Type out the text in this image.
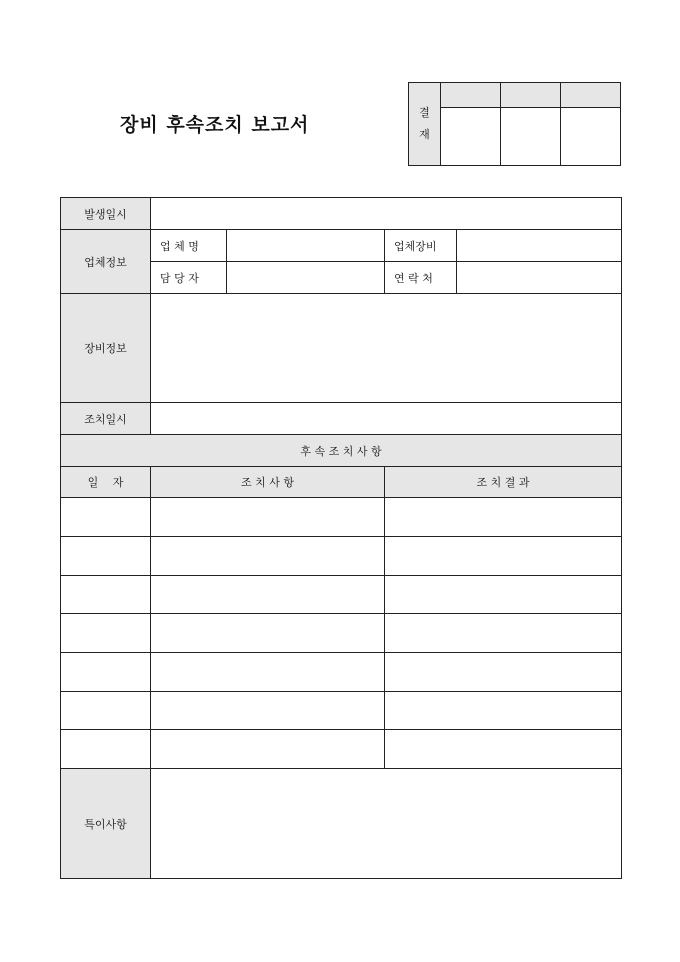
장비 후속조치 보고서
결
재			

발생일시				
업체정보	업 체 명		업체장비	
	담 당 자		연 락 처	
장비정보				
조치일시				
후 속 조 치 사 항				
일　 자	조 치 사 항		조 치 결 과	

특이사항				
